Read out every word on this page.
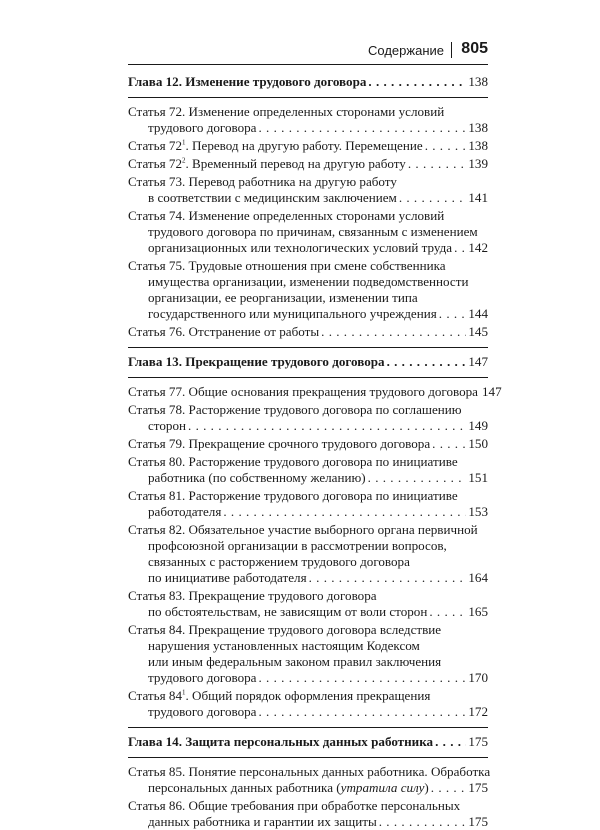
Содержание 805
Глава 12. Изменение трудового договора . . .	138
Статья 72. Изменение определенных сторонами условий
трудового договора . . .	138
Статья $72^1$. Перевод на другую работу. Перемещение . . .	138
Статья $72^2$. Временный перевод на другую работу . . .	139
Статья 73. Перевод работника на другую работу
в соответствии с медицинским заключением . . .	141
Статья 74. Изменение определенных сторонами условий
трудового договора по причинам, связанным с изменением
организационных или технологических условий труда . . . 142
Статья 75. Трудовые отношения при смене собственника
имущества организации, изменении подведомственности
организации, ее реорганизации, изменении типа
государственного или муниципального учреждения . . . 144
Статья 76. Отстранение от работы . . .	145
Глава 13. Прекращение трудового договора . . .	147
Статья 77. Общие основания прекращения трудового договора 147
Статья 78. Расторжение трудового договора по соглашению
сторон . . .	149
Статья 79. Прекращение срочного трудового договора . . .	150
Статья 80. Расторжение трудового договора по инициативе
работника (по собственному желанию) . . .	151
Статья 81. Расторжение трудового договора по инициативе
работодателя . . .	153
Статья 82. Обязательное участие выборного органа первичной
профсоюзной организации в рассмотрении вопросов,
связанных с расторжением трудового договора
по инициативе работодателя . . .	164
Статья 83. Прекращение трудового договора
по обстоятельствам, не зависящим от воли сторон . . .	165
Статья 84. Прекращение трудового договора вследствие
нарушения установленных настоящим Кодексом
или иным федеральным законом правил заключения
трудового договора . . .	170
Статья $84^1$. Общий порядок оформления прекращения
трудового договора . . .	172
Глава 14. Защита персональных данных работника . . .	175
Статья 85. Понятие персональных данных работника. Обработка
персональных данных работника (утратила силу) . . .	175
Статья 86. Общие требования при обработке персональных
данных работника и гарантии их защиты . . .	175
